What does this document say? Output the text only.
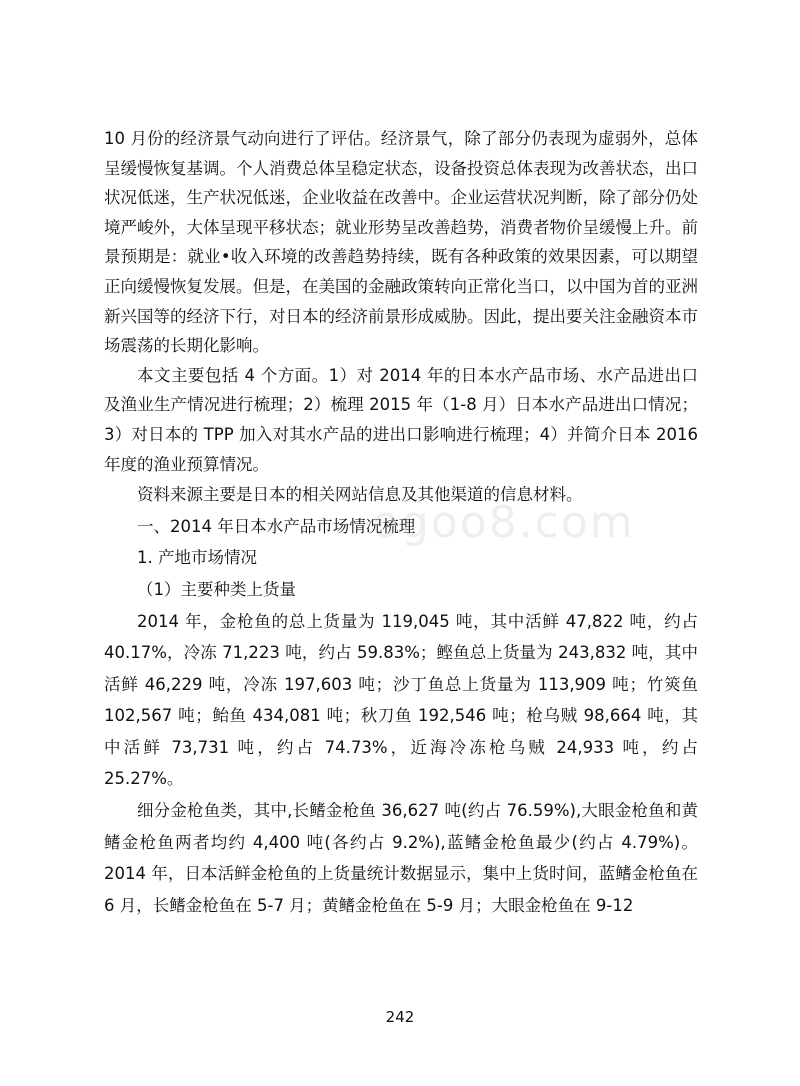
10 月份的经济景气动向进行了评估。经济景气，除了部分仍表现为虚弱外，总体呈缓慢恢复基调。个人消费总体呈稳定状态，设备投资总体表现为改善状态，出口状况低迷，生产状况低迷，企业收益在改善中。企业运营状况判断，除了部分仍处境严峻外，大体呈现平移状态；就业形势呈改善趋势，消费者物价呈缓慢上升。前景预期是：就业•收入环境的改善趋势持续，既有各种政策的效果因素，可以期望正向缓慢恢复发展。但是，在美国的金融政策转向正常化当口，以中国为首的亚洲新兴国等的经济下行，对日本的经济前景形成威胁。因此，提出要关注金融资本市场震荡的长期化影响。

本文主要包括 4 个方面。1）对 2014 年的日本水产品市场、水产品进出口及渔业生产情况进行梳理；2）梳理 2015 年（1-8 月）日本水产品进出口情况；3）对日本的 TPP 加入对其水产品的进出口影响进行梳理；4）并简介日本 2016 年度的渔业预算情况。

资料来源主要是日本的相关网站信息及其他渠道的信息材料。

一、2014 年日本水产品市场情况梳理

1. 产地市场情况

（1）主要种类上货量

2014 年，金枪鱼的总上货量为 119,045 吨，其中活鲜 47,822 吨，约占 40.17%，冷冻 71,223 吨，约占 59.83%；鲣鱼总上货量为 243,832 吨，其中活鲜 46,229 吨，冷冻 197,603 吨；沙丁鱼总上货量为 113,909 吨；竹筴鱼 102,567 吨；鲐鱼 434,081 吨；秋刀鱼 192,546 吨；枪乌贼 98,664 吨，其中活鲜 73,731 吨，约占 74.73%，近海冷冻枪乌贼 24,933 吨，约占 25.27%。

细分金枪鱼类，其中,长鳍金枪鱼 36,627 吨(约占 76.59%),大眼金枪鱼和黄鳍金枪鱼两者均约 4,400 吨(各约占 9.2%),蓝鳍金枪鱼最少(约占 4.79%)。2014 年，日本活鲜金枪鱼的上货量统计数据显示，集中上货时间，蓝鳍金枪鱼在 6 月，长鳍金枪鱼在 5-7 月；黄鳍金枪鱼在 5-9 月；大眼金枪鱼在 9-12

ogoo8.com
242
